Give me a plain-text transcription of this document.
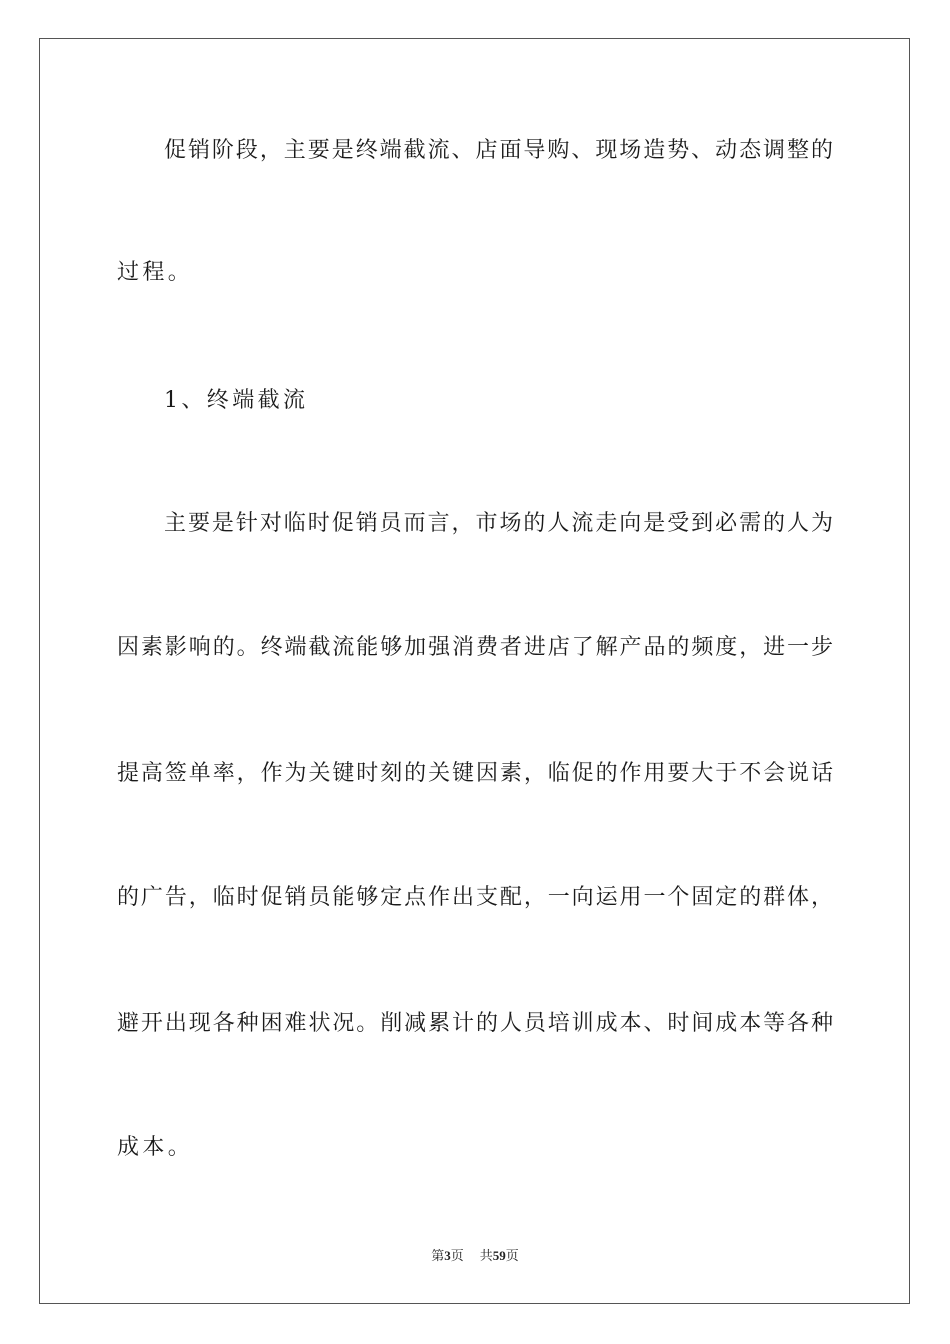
促销阶段，主要是终端截流、店面导购、现场造势、动态调整的
过程。
1、终端截流
主要是针对临时促销员而言，市场的人流走向是受到必需的人为
因素影响的。终端截流能够加强消费者进店了解产品的频度，进一步
提高签单率，作为关键时刻的关键因素，临促的作用要大于不会说话
的广告，临时促销员能够定点作出支配，一向运用一个固定的群体，
避开出现各种困难状况。削减累计的人员培训成本、时间成本等各种
成本。
第3页 共59页
